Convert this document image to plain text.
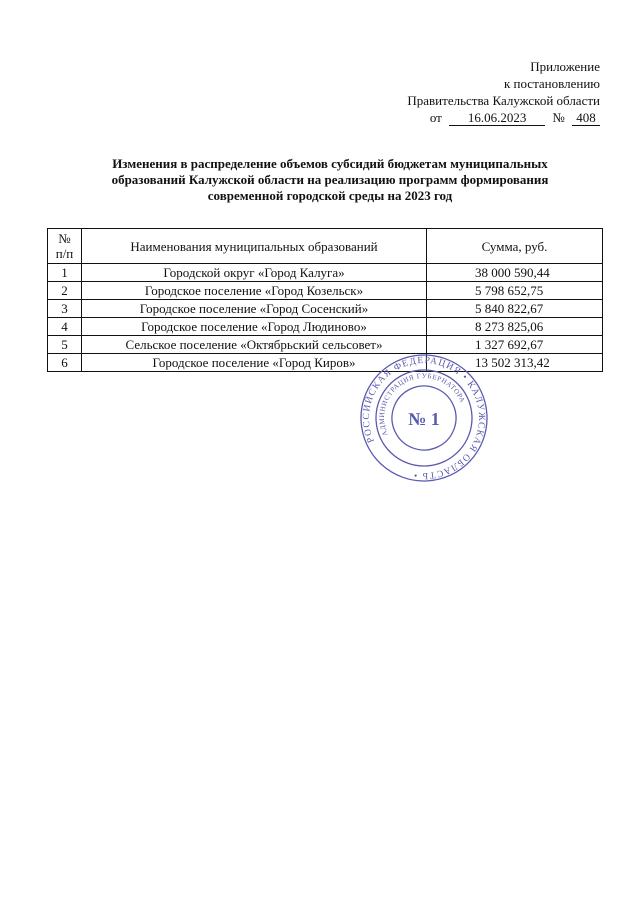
Приложение
к постановлению
Правительства Калужской области
от 16.06.2023 № 408
Изменения в распределение объемов субсидий бюджетам муниципальных
образований Калужской области на реализацию программ формирования
современной городской среды на 2023 год
№
п/п	Наименования муниципальных образований	Сумма, руб.
1	Городской округ «Город Калуга»	38 000 590,44
2	Городское поселение «Город Козельск»	5 798 652,75
3	Городское поселение «Город Сосенский»	5 840 822,67
4	Городское поселение «Город Людиново»	8 273 825,06
5	Сельское поселение «Октябрьский сельсовет»	1 327 692,67
6	Городское поселение «Город Киров»	13 502 313,42
РОССИЙСКАЯ ФЕДЕРАЦИЯ • КАЛУЖСКАЯ ОБЛАСТЬ •
АДМИНИСТРАЦИЯ ГУБЕРНАТОРА
№ 1
